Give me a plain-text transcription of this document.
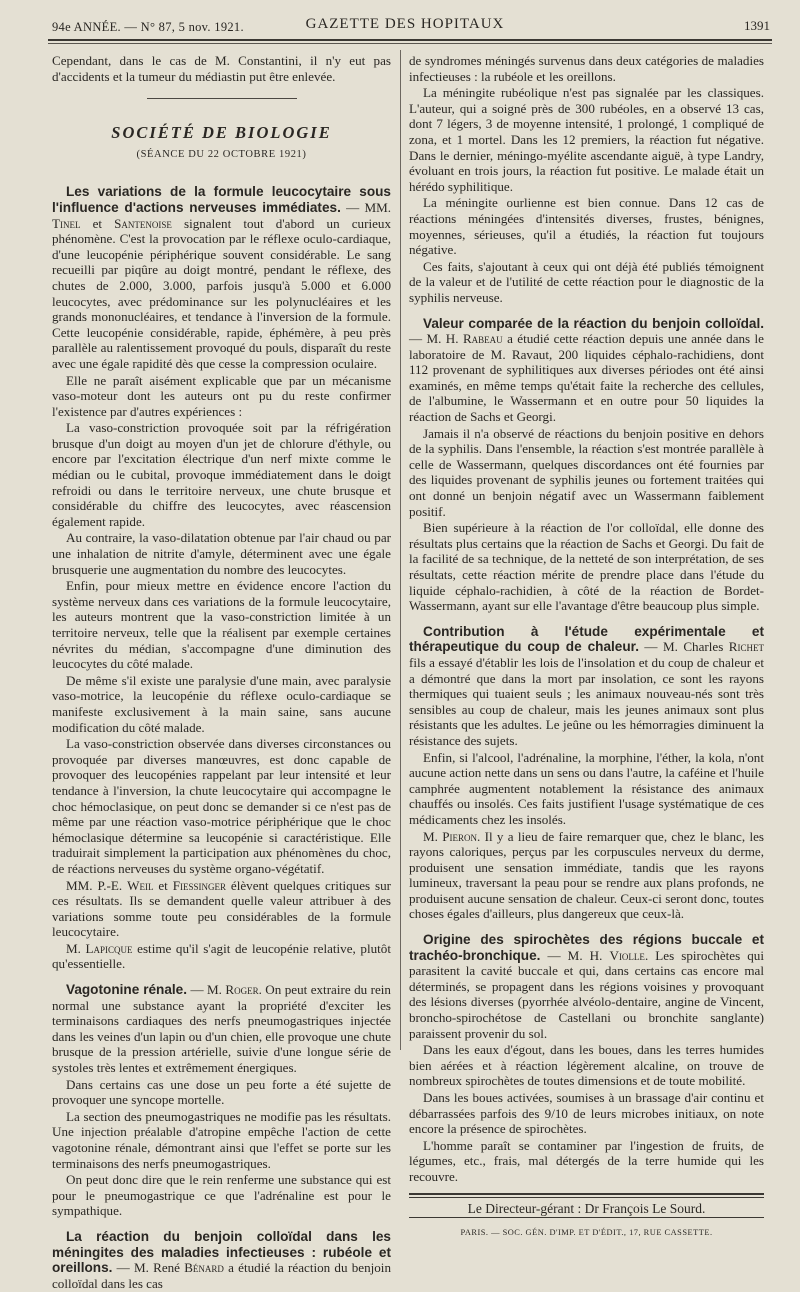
94e ANNÉE. — N° 87, 5 nov. 1921.	GAZETTE DES HOPITAUX	1391

Cependant, dans le cas de M. Constantini, il n'y eut pas d'accidents et la tumeur du médiastin put être enlevée.

SOCIÉTÉ DE BIOLOGIE

(SÉANCE DU 22 OCTOBRE 1921)

Les variations de la formule leucocytaire sous l'influence d'actions nerveuses immédiates. — MM. Tinel et Santenoise signalent tout d'abord un curieux phénomène. C'est la provocation par le réflexe oculo-cardiaque, d'une leucopénie périphérique souvent considérable. Le sang recueilli par piqûre au doigt montré, pendant le réflexe, des chutes de 2.000, 3.000, parfois jusqu'à 5.000 et 6.000 leucocytes, avec prédominance sur les polynucléaires et les grands mononucléaires, et tendance à l'inversion de la formule. Cette leucopénie considérable, rapide, éphémère, à peu près parallèle au ralentissement provoqué du pouls, disparaît du reste avec une égale rapidité dès que cesse la compression oculaire.

Elle ne paraît aisément explicable que par un mécanisme vaso-moteur dont les auteurs ont pu du reste confirmer l'existence par d'autres expériences :

La vaso-constriction provoquée soit par la réfrigération brusque d'un doigt au moyen d'un jet de chlorure d'éthyle, ou encore par l'excitation électrique d'un nerf mixte comme le médian ou le cubital, provoque immédiatement dans le doigt refroidi ou dans le territoire nerveux, une chute brusque et considérable du chiffre des leucocytes, avec réascension également rapide.

Au contraire, la vaso-dilatation obtenue par l'air chaud ou par une inhalation de nitrite d'amyle, déterminent avec une égale brusquerie une augmentation du nombre des leucocytes.

Enfin, pour mieux mettre en évidence encore l'action du système nerveux dans ces variations de la formule leucocytaire, les auteurs montrent que la vaso-constriction limitée à un territoire nerveux, telle que la réalisent par exemple certaines névrites du médian, s'accompagne d'une diminution des leucocytes du côté malade.

De même s'il existe une paralysie d'une main, avec paralysie vaso-motrice, la leucopénie du réflexe oculo-cardiaque se manifeste exclusivement à la main saine, sans aucune modification du côté malade.

La vaso-constriction observée dans diverses circonstances ou provoquée par diverses manœuvres, est donc capable de provoquer des leucopénies rappelant par leur intensité et leur tendance à l'inversion, la chute leucocytaire qui accompagne le choc hémoclasique, on peut donc se demander si ce n'est pas de même par une réaction vaso-motrice périphérique que le choc hémoclasique détermine sa leucopénie si caractéristique. Elle traduirait simplement la participation aux phénomènes du choc, de réactions nerveuses du système organo-végétatif.

MM. P.-E. Weil et Fiessinger élèvent quelques critiques sur ces résultats. Ils se demandent quelle valeur attribuer à des variations somme toute peu considérables de la formule leucocytaire.

M. Lapicque estime qu'il s'agit de leucopénie relative, plutôt qu'essentielle.

Vagotonine rénale. — M. Roger. On peut extraire du rein normal une substance ayant la propriété d'exciter les terminaisons cardiaques des nerfs pneumogastriques injectée dans les veines d'un lapin ou d'un chien, elle provoque une chute brusque de la pression artérielle, suivie d'une longue série de systoles très lentes et extrêmement énergiques.

Dans certains cas une dose un peu forte a été sujette de provoquer une syncope mortelle.

La section des pneumogastriques ne modifie pas les résultats. Une injection préalable d'atropine empêche l'action de cette vagotonine rénale, démontrant ainsi que l'effet se porte sur les terminaisons des nerfs pneumogastriques.

On peut donc dire que le rein renferme une substance qui est pour le pneumogastrique ce que l'adrénaline est pour le sympathique.

La réaction du benjoin colloïdal dans les méningites des maladies infectieuses : rubéole et oreillons. — M. René Bénard a étudié la réaction du benjoin colloïdal dans les cas

de syndromes méningés survenus dans deux catégories de maladies infectieuses : la rubéole et les oreillons.

La méningite rubéolique n'est pas signalée par les classiques. L'auteur, qui a soigné près de 300 rubéoles, en a observé 13 cas, dont 7 légers, 3 de moyenne intensité, 1 prolongé, 1 compliqué de zona, et 1 mortel. Dans les 12 premiers, la réaction fut négative. Dans le dernier, méningo-myélite ascendante aiguë, à type Landry, évoluant en trois jours, la réaction fut positive. Le malade était un hérédo syphilitique.

La méningite ourlienne est bien connue. Dans 12 cas de réactions méningées d'intensités diverses, frustes, bénignes, moyennes, sérieuses, qu'il a étudiés, la réaction fut toujours négative.

Ces faits, s'ajoutant à ceux qui ont déjà été publiés témoignent de la valeur et de l'utilité de cette réaction pour le diagnostic de la syphilis nerveuse.

Valeur comparée de la réaction du benjoin colloïdal. — M. H. Rabeau a étudié cette réaction depuis une année dans le laboratoire de M. Ravaut, 200 liquides céphalo-rachidiens, dont 112 provenant de syphilitiques aux diverses périodes ont été ainsi examinés, en même temps qu'était faite la recherche des cellules, de l'albumine, le Wassermann et en outre pour 50 liquides la réaction de Sachs et Georgi.

Jamais il n'a observé de réactions du benjoin positive en dehors de la syphilis. Dans l'ensemble, la réaction s'est montrée parallèle à celle de Wassermann, quelques discordances ont été fournies par des liquides provenant de syphilis jeunes ou fortement traitées qui ont donné un benjoin négatif avec un Wassermann faiblement positif.

Bien supérieure à la réaction de l'or colloïdal, elle donne des résultats plus certains que la réaction de Sachs et Georgi. Du fait de la facilité de sa technique, de la netteté de son interprétation, de ses résultats, cette réaction mérite de prendre place dans l'étude du liquide céphalo-rachidien, à côté de la réaction de Bordet-Wassermann, ayant sur elle l'avantage d'être beaucoup plus simple.

Contribution à l'étude expérimentale et thérapeutique du coup de chaleur. — M. Charles Richet fils a essayé d'établir les lois de l'insolation et du coup de chaleur et a démontré que dans la mort par insolation, ce sont les rayons thermiques qui tuaient seuls ; les animaux nouveau-nés sont très sensibles au coup de chaleur, mais les jeunes animaux sont plus résistants que les adultes. Le jeûne ou les hémorragies diminuent la résistance des sujets.

Enfin, si l'alcool, l'adrénaline, la morphine, l'éther, la kola, n'ont aucune action nette dans un sens ou dans l'autre, la caféine et l'huile camphrée augmentent notablement la résistance des animaux chauffés ou insolés. Ces faits justifient l'usage systématique de ces médicaments chez les insolés.

M. Pieron. Il y a lieu de faire remarquer que, chez le blanc, les rayons caloriques, perçus par les corpuscules nerveux du derme, produisent une sensation immédiate, tandis que les rayons lumineux, traversant la peau pour se rendre aux plans profonds, ne produisent aucune sensation de chaleur. Ceux-ci seront donc, toutes choses égales d'ailleurs, plus dangereux que ceux-là.

Origine des spirochètes des régions buccale et trachéo-bronchique. — M. H. Violle. Les spirochètes qui parasitent la cavité buccale et qui, dans certains cas encore mal déterminés, se propagent dans les régions voisines y provoquant des lésions diverses (pyorrhée alvéolo-dentaire, angine de Vincent, broncho-spirochétose de Castellani ou bronchite sanglante) paraissent provenir du sol.

Dans les eaux d'égout, dans les boues, dans les terres humides bien aérées et à réaction légèrement alcaline, on trouve de nombreux spirochètes de toutes dimensions et de toute mobilité.

Dans les boues activées, soumises à un brassage d'air continu et débarrassées parfois des 9/10 de leurs microbes initiaux, on note encore la présence de spirochètes.

L'homme paraît se contaminer par l'ingestion de fruits, de légumes, etc., frais, mal détergés de la terre humide qui les recouvre.

Le Directeur-gérant : Dr François Le Sourd.

PARIS. — SOC. GÉN. D'IMP. ET D'ÉDIT., 17, RUE CASSETTE.
